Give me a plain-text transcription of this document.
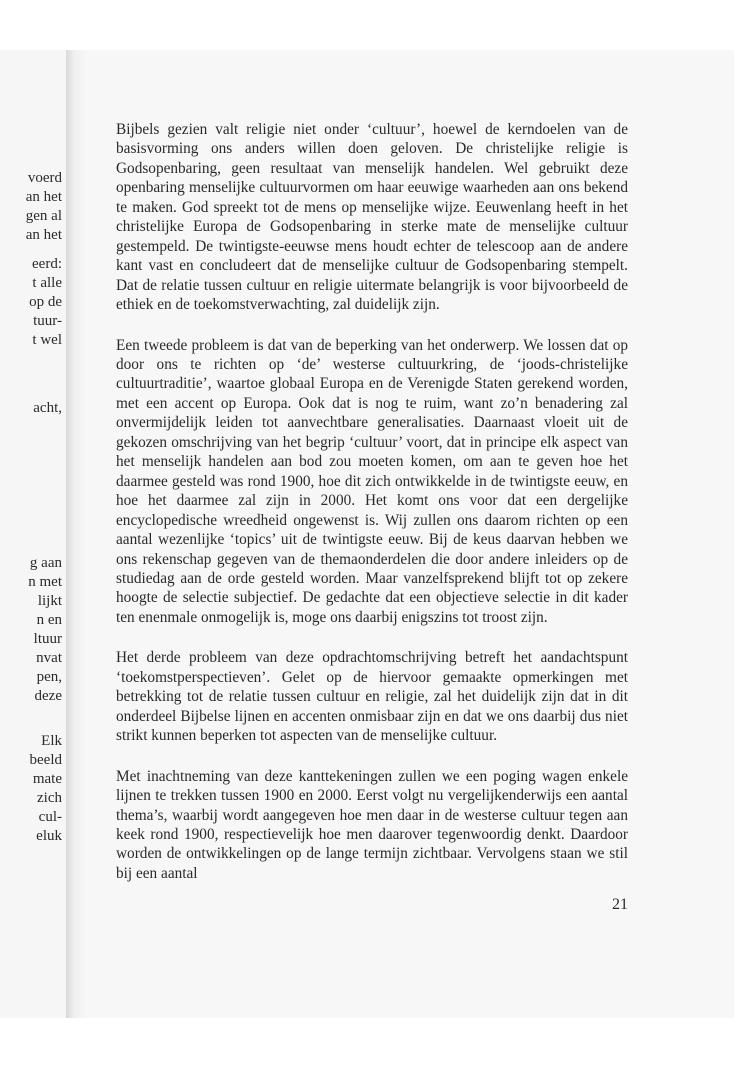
voerd
an het
gen al
an het
eerd:
t alle
op de
tuur-
t wel
acht,
g aan
n met
lijkt
n en
ltuur
nvat
pen,
deze
Elk
beeld
mate
zich
cul-
eluk

Bijbels gezien valt religie niet onder ‘cultuur’, hoewel de kerndoelen van de basisvorming ons anders willen doen geloven. De christelijke religie is Godsopenbaring, geen resultaat van menselijk handelen. Wel gebruikt deze openbaring menselijke cultuurvormen om haar eeuwige waarheden aan ons bekend te maken. God spreekt tot de mens op menselijke wijze. Eeuwenlang heeft in het christelijke Europa de Godsopenbaring in sterke mate de menselijke cultuur gestempeld. De twintigste-eeuwse mens houdt echter de telescoop aan de andere kant vast en concludeert dat de menselijke cultuur de Godsopenbaring stempelt. Dat de relatie tussen cultuur en religie uitermate belangrijk is voor bijvoorbeeld de ethiek en de toekomstverwachting, zal duidelijk zijn.

Een tweede probleem is dat van de beperking van het onderwerp. We lossen dat op door ons te richten op ‘de’ westerse cultuurkring, de ‘joods-christelijke cultuurtraditie’, waartoe globaal Europa en de Verenigde Staten gerekend worden, met een accent op Europa. Ook dat is nog te ruim, want zo’n benadering zal onvermijdelijk leiden tot aanvechtbare generalisaties. Daarnaast vloeit uit de gekozen omschrijving van het begrip ‘cultuur’ voort, dat in principe elk aspect van het menselijk handelen aan bod zou moeten komen, om aan te geven hoe het daarmee gesteld was rond 1900, hoe dit zich ontwikkelde in de twintigste eeuw, en hoe het daarmee zal zijn in 2000. Het komt ons voor dat een dergelijke encyclopedische wreedheid ongewenst is. Wij zullen ons daarom richten op een aantal wezenlijke ‘topics’ uit de twintigste eeuw. Bij de keus daarvan hebben we ons rekenschap gegeven van de themaonderdelen die door andere inleiders op de studiedag aan de orde gesteld worden. Maar vanzelfsprekend blijft tot op zekere hoogte de selectie subjectief. De gedachte dat een objectieve selectie in dit kader ten enenmale onmogelijk is, moge ons daarbij enigszins tot troost zijn.

Het derde probleem van deze opdrachtomschrijving betreft het aandachtspunt ‘toekomstperspectieven’. Gelet op de hiervoor gemaakte opmerkingen met betrekking tot de relatie tussen cultuur en religie, zal het duidelijk zijn dat in dit onderdeel Bijbelse lijnen en accenten onmisbaar zijn en dat we ons daarbij dus niet strikt kunnen beperken tot aspecten van de menselijke cultuur.

Met inachtneming van deze kanttekeningen zullen we een poging wagen enkele lijnen te trekken tussen 1900 en 2000. Eerst volgt nu vergelijkenderwijs een aantal thema’s, waarbij wordt aangegeven hoe men daar in de westerse cultuur tegen aan keek rond 1900, respectievelijk hoe men daarover tegenwoordig denkt. Daardoor worden de ontwikkelingen op de lange termijn zichtbaar. Vervolgens staan we stil bij een aantal

21
